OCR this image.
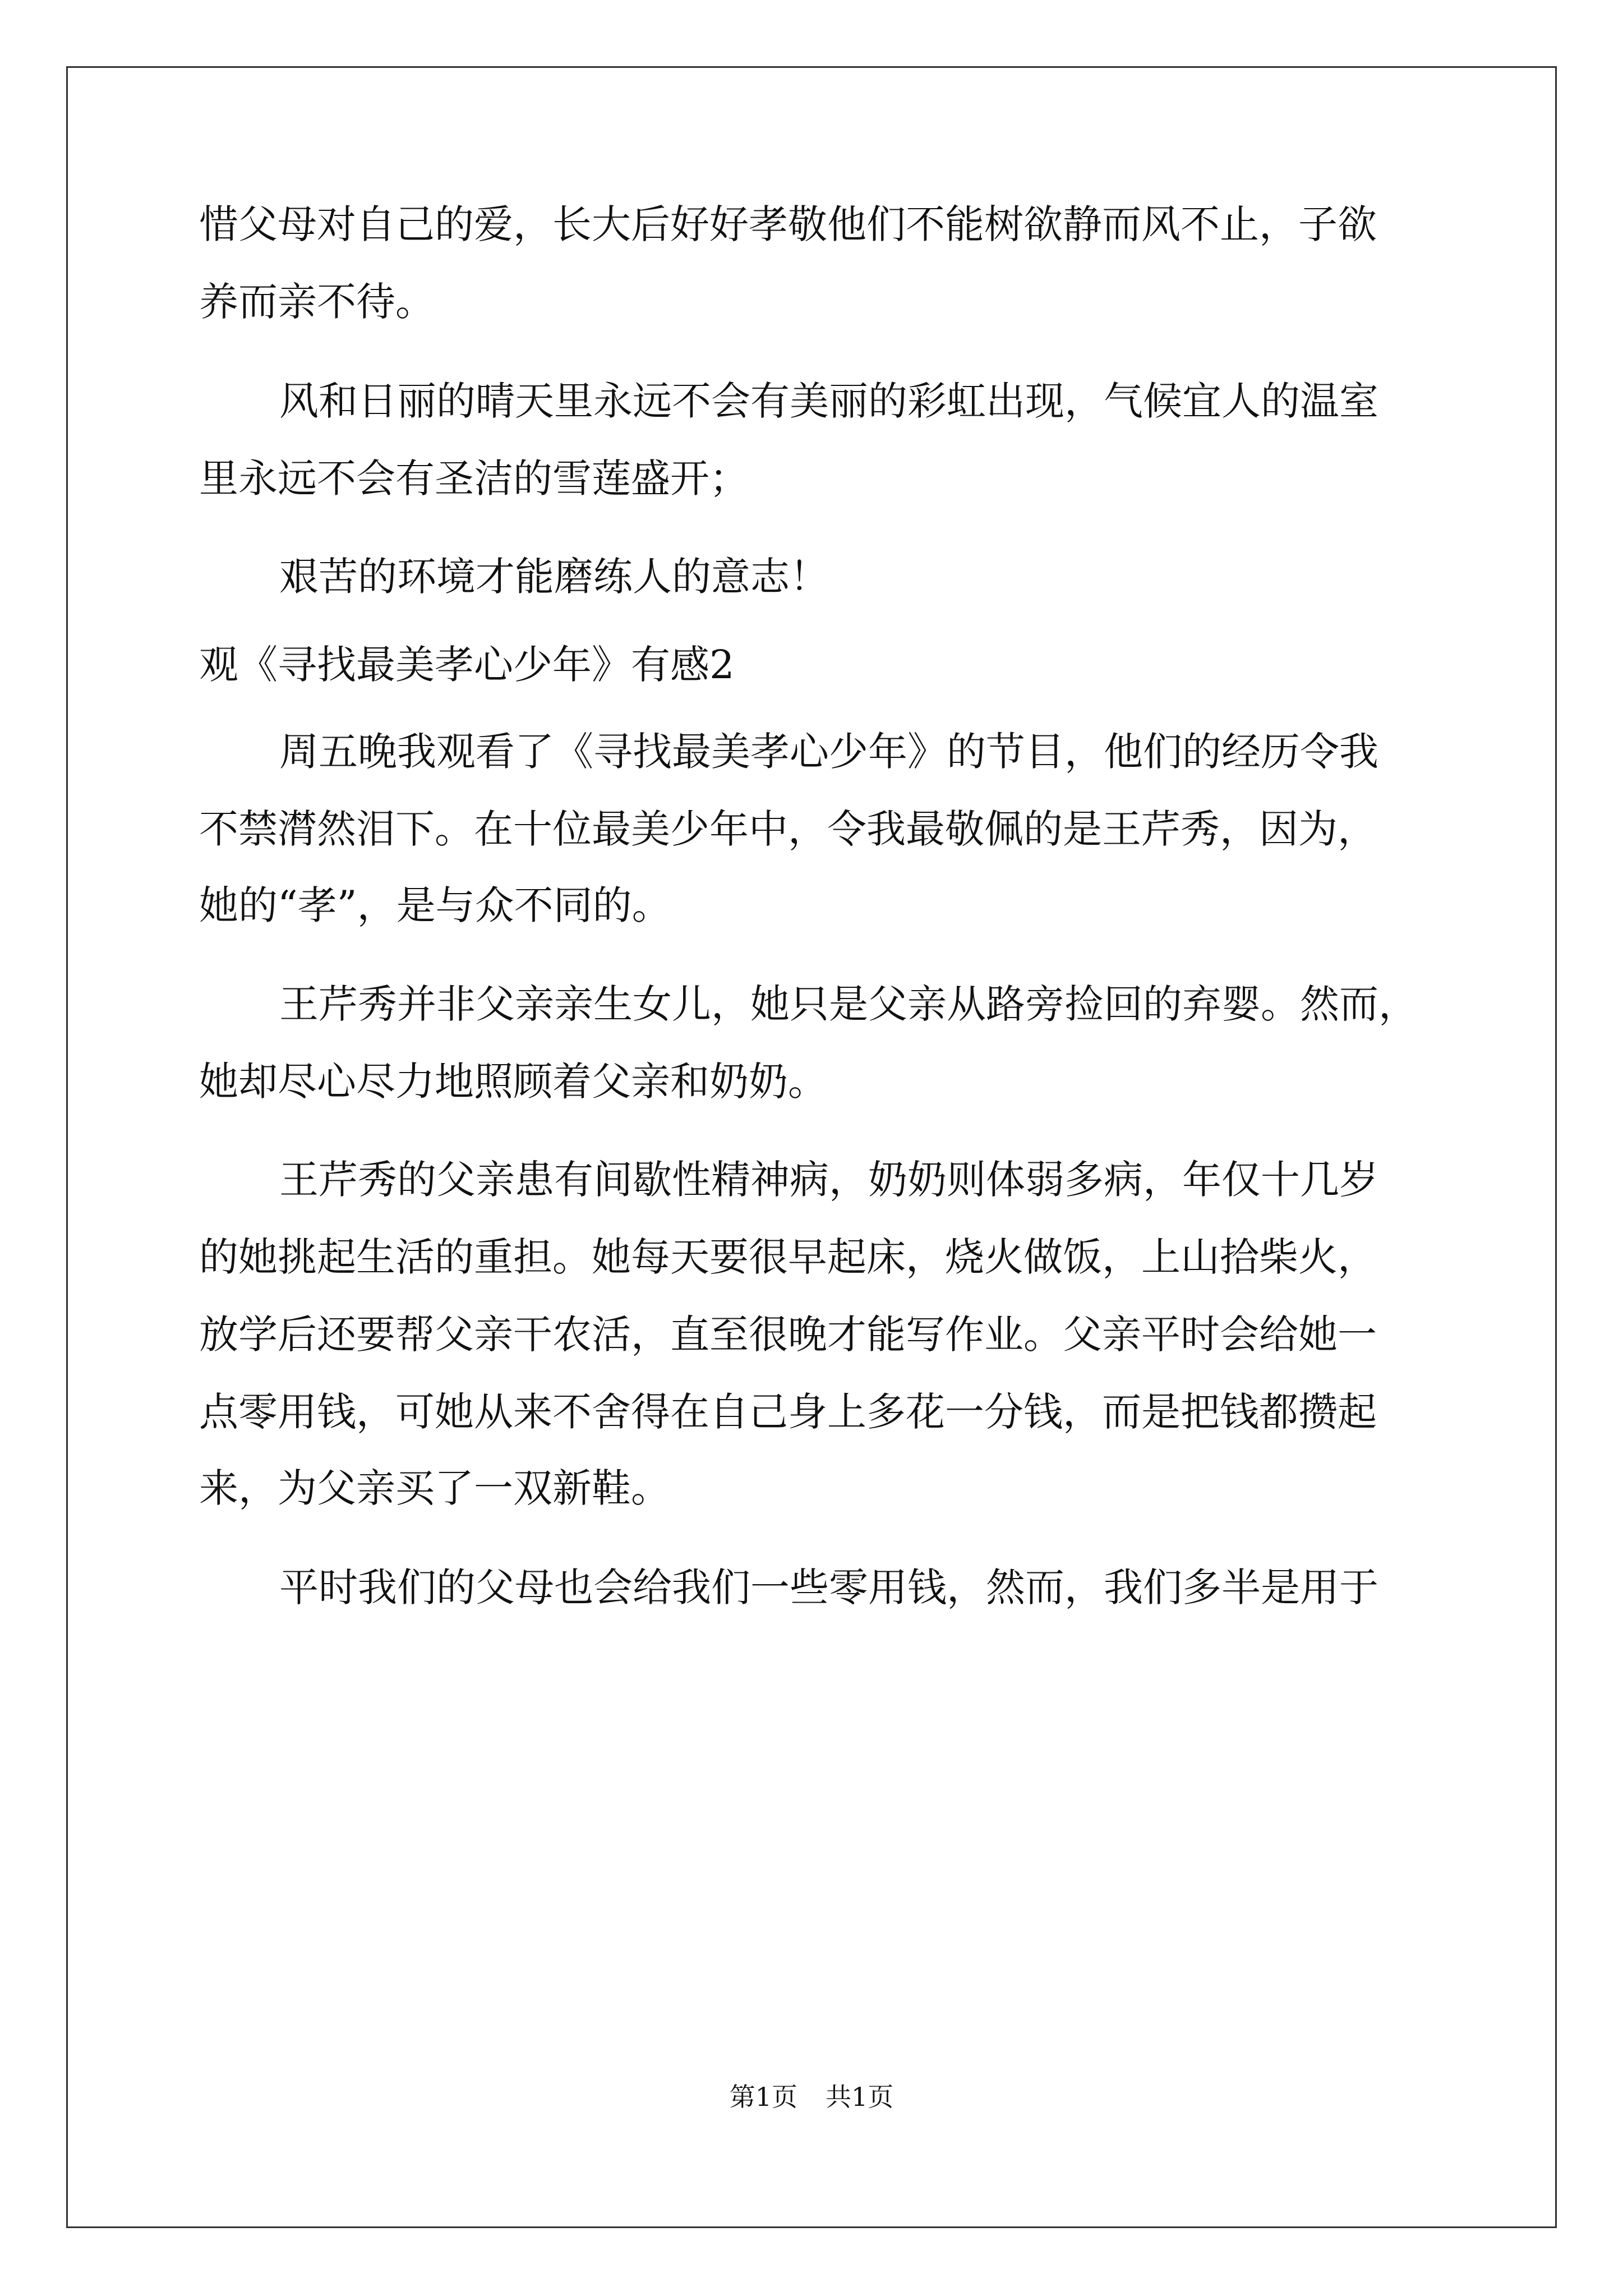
惜父母对自己的爱，长大后好好孝敬他们不能树欲静而风不止，子欲
养而亲不待。
风和日丽的晴天里永远不会有美丽的彩虹出现，气候宜人的温室
里永远不会有圣洁的雪莲盛开；
艰苦的环境才能磨练人的意志！
观《寻找最美孝心少年》有感2
周五晚我观看了《寻找最美孝心少年》的节目，他们的经历令我
不禁潸然泪下。在十位最美少年中，令我最敬佩的是王芹秀，因为，
她的“孝”，是与众不同的。
王芹秀并非父亲亲生女儿，她只是父亲从路旁捡回的弃婴。然而，
她却尽心尽力地照顾着父亲和奶奶。
王芹秀的父亲患有间歇性精神病，奶奶则体弱多病，年仅十几岁
的她挑起生活的重担。她每天要很早起床，烧火做饭，上山拾柴火，
放学后还要帮父亲干农活，直至很晚才能写作业。父亲平时会给她一
点零用钱，可她从来不舍得在自己身上多花一分钱，而是把钱都攒起
来，为父亲买了一双新鞋。
平时我们的父母也会给我们一些零用钱，然而，我们多半是用于
第1页 共1页
